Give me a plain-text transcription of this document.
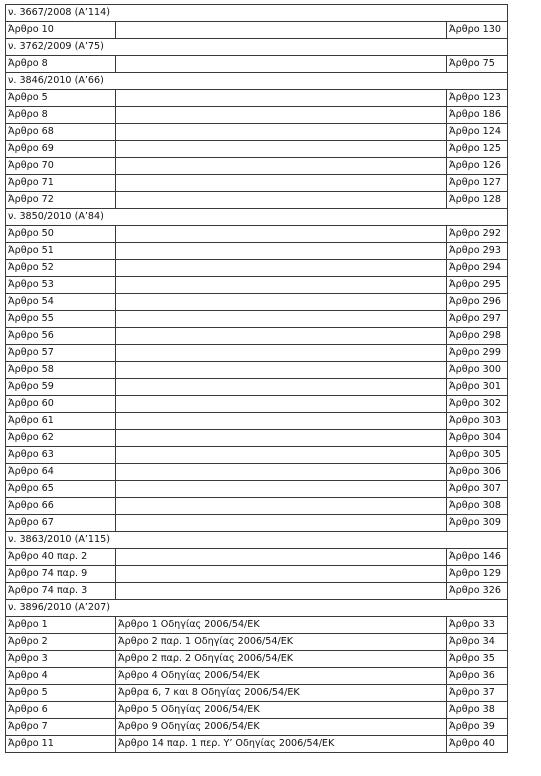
ν. 3667/2008 (Α’114)		
Άρθρο 10		Άρθρο 130
ν. 3762/2009 (Α’75)		
Άρθρο 8		Άρθρο 75
ν. 3846/2010 (Α’66)		
Άρθρο 5		Άρθρο 123
Άρθρο 8		Άρθρο 186
Άρθρο 68		Άρθρο 124
Άρθρο 69		Άρθρο 125
Άρθρο 70		Άρθρο 126
Άρθρο 71		Άρθρο 127
Άρθρο 72		Άρθρο 128
ν. 3850/2010 (Α’84)		
Άρθρο 50		Άρθρο 292
Άρθρο 51		Άρθρο 293
Άρθρο 52		Άρθρο 294
Άρθρο 53		Άρθρο 295
Άρθρο 54		Άρθρο 296
Άρθρο 55		Άρθρο 297
Άρθρο 56		Άρθρο 298
Άρθρο 57		Άρθρο 299
Άρθρο 58		Άρθρο 300
Άρθρο 59		Άρθρο 301
Άρθρο 60		Άρθρο 302
Άρθρο 61		Άρθρο 303
Άρθρο 62		Άρθρο 304
Άρθρο 63		Άρθρο 305
Άρθρο 64		Άρθρο 306
Άρθρο 65		Άρθρο 307
Άρθρο 66		Άρθρο 308
Άρθρο 67		Άρθρο 309
ν. 3863/2010 (Α’115)		
Άρθρο 40 παρ. 2		Άρθρο 146
Άρθρο 74 παρ. 9		Άρθρο 129
Άρθρο 74 παρ. 3		Άρθρο 326
ν. 3896/2010 (Α’207)		
Άρθρο 1	Άρθρο 1 Οδηγίας 2006/54/ΕΚ	Άρθρο 33
Άρθρο 2	Άρθρο 2 παρ. 1 Οδηγίας 2006/54/ΕΚ	Άρθρο 34
Άρθρο 3	Άρθρο 2 παρ. 2 Οδηγίας 2006/54/ΕΚ	Άρθρο 35
Άρθρο 4	Άρθρο 4 Οδηγίας 2006/54/ΕΚ	Άρθρο 36
Άρθρο 5	Άρθρα 6, 7 και 8 Οδηγίας 2006/54/ΕΚ	Άρθρο 37
Άρθρο 6	Άρθρο 5 Οδηγίας 2006/54/ΕΚ	Άρθρο 38
Άρθρο 7	Άρθρο 9 Οδηγίας 2006/54/ΕΚ	Άρθρο 39
Άρθρο 11	Άρθρο 14 παρ. 1 περ. Υ’ Οδηγίας 2006/54/ΕΚ	Άρθρο 40
